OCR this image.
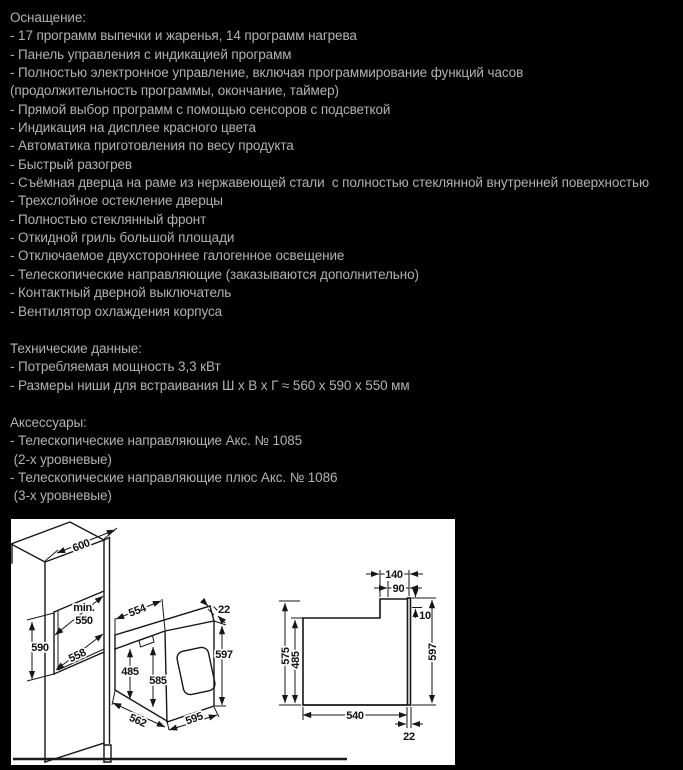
Оснащение:
- 17 программ выпечки и жаренья, 14 программ нагрева
- Панель управления с индикацией программ
- Полностью электронное управление, включая программирование функций часов
(продолжительность программы, окончание, таймер)
- Прямой выбор программ с помощью сенсоров с подсветкой
- Индикация на дисплее красного цвета
- Автоматика приготовления по весу продукта
- Быстрый разогрев
- Съёмная дверца на раме из нержавеющей стали  с полностью стеклянной внутренней поверхностью
- Трехслойное остекление дверцы
- Полностью стеклянный фронт
- Откидной гриль большой площади
- Отключаемое двухстороннее галогенное освещение
- Телескопические направляющие (заказываются дополнительно)
- Контактный дверной выключатель
- Вентилятор охлаждения корпуса
Технические данные:
- Потребляемая мощность 3,3 кВт
- Размеры ниши для встраивания Ш х В х Г ≈ 560 х 590 х 550 мм
Аксессуары:
- Телескопические направляющие Акс. № 1085
(2-х уровневые)
- Телескопические направляющие плюс Акс. № 1086
(3-х уровневые)
600
min.
550
558
590
554	22
597
485
585
562	595
140
90
10
575
485	597
540
22
